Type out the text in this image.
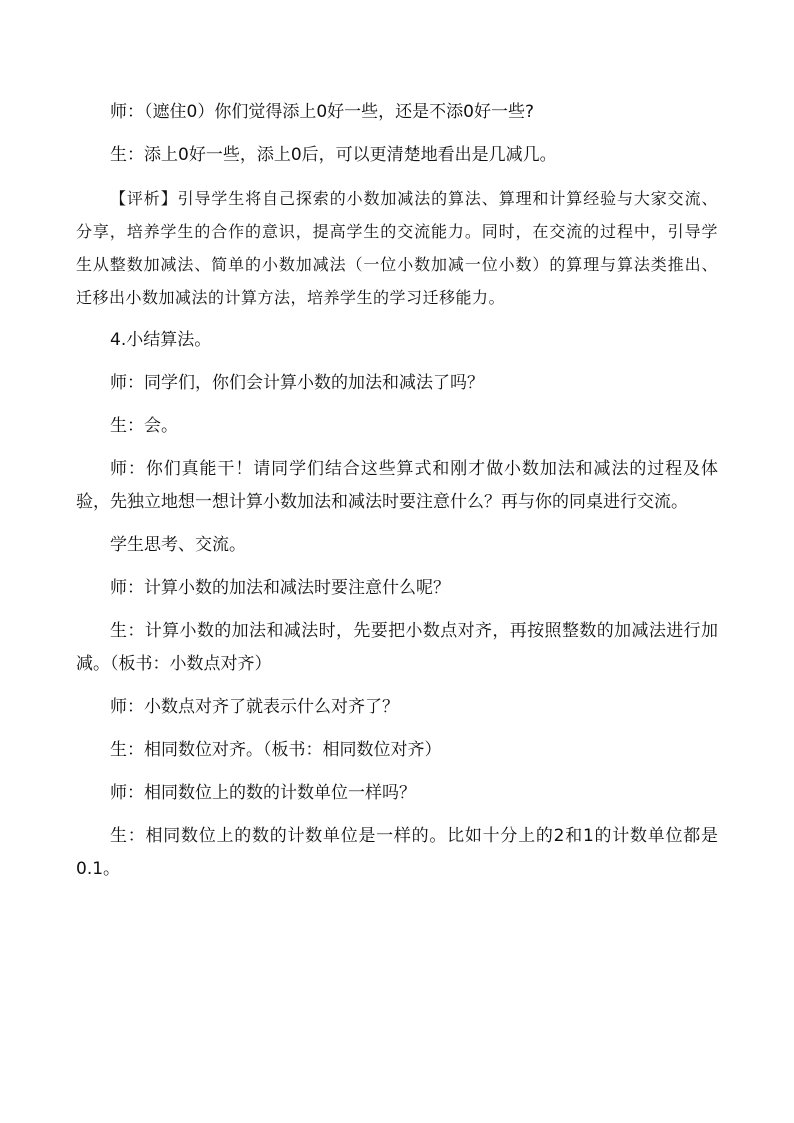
师：（遮住0）你们觉得添上0好一些，还是不添0好一些?

生：添上0好一些，添上0后，可以更清楚地看出是几减几。

【评析】引导学生将自己探索的小数加减法的算法、算理和计算经验与大家交流、分享，培养学生的合作的意识，提高学生的交流能力。同时，在交流的过程中，引导学生从整数加减法、简单的小数加减法（一位小数加减一位小数）的算理与算法类推出、迁移出小数加减法的计算方法，培养学生的学习迁移能力。

4.小结算法。

师：同学们，你们会计算小数的加法和减法了吗？

生：会。

师：你们真能干！请同学们结合这些算式和刚才做小数加法和减法的过程及体验，先独立地想一想计算小数加法和减法时要注意什么？再与你的同桌进行交流。

学生思考、交流。

师：计算小数的加法和减法时要注意什么呢？

生：计算小数的加法和减法时，先要把小数点对齐，再按照整数的加减法进行加减。（板书：小数点对齐）

师：小数点对齐了就表示什么对齐了？

生：相同数位对齐。（板书：相同数位对齐）

师：相同数位上的数的计数单位一样吗？

生：相同数位上的数的计数单位是一样的。比如十分上的2和1的计数单位都是0.1。
